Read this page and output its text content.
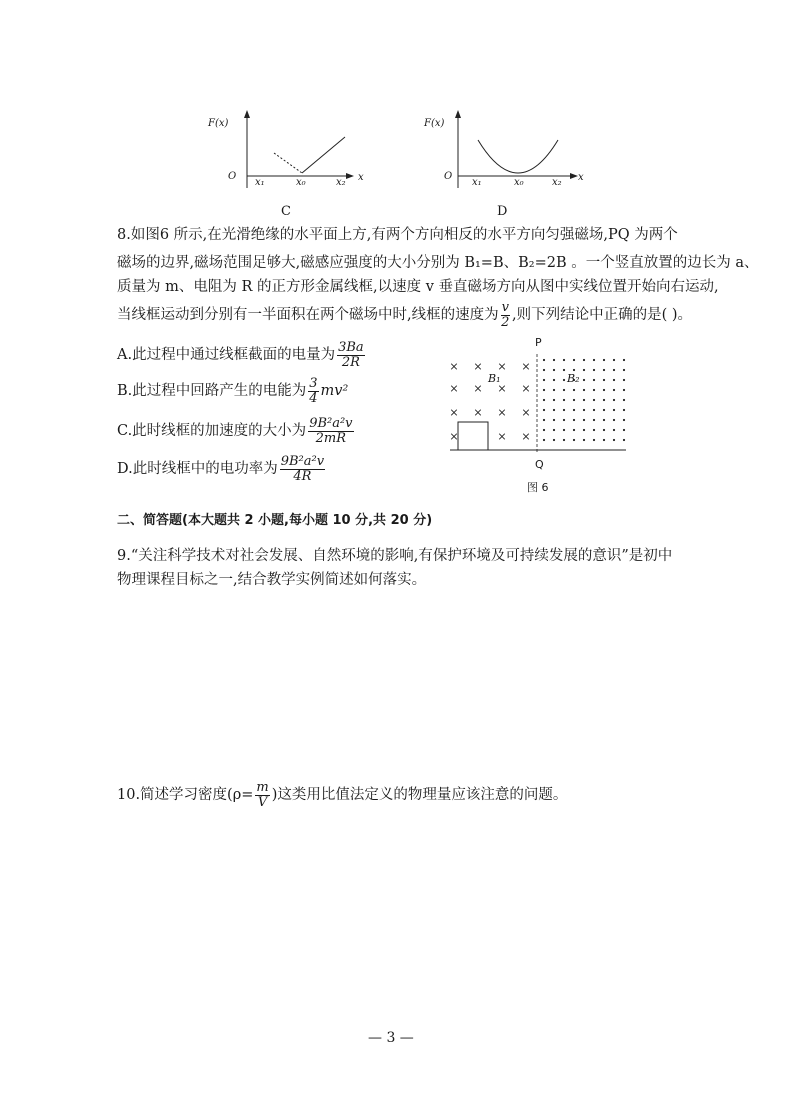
F(x)
O
x₁	x₀	x₂ x
C
F(x)
O
x₁	x₀	x₂ x
D
8.如图6 所示,在光滑绝缘的水平面上方,有两个方向相反的水平方向匀强磁场,PQ 为两个
磁场的边界,磁场范围足够大,磁感应强度的大小分别为 B₁=B、B₂=2B 。一个竖直放置的边长为 a、
质量为 m、电阻为 R 的正方形金属线框,以速度 v 垂直磁场方向从图中实线位置开始向右运动,
当线框运动到分别有一半面积在两个磁场中时,线框的速度为 $\frac{v}{2}$ ,则下列结论中正确的是( )。
A.此过程中通过线框截面的电量为 $\frac{3Ba}{2R}$
B.此过程中回路产生的电能为 $\frac{3}{4} mv^2$
C.此时线框的加速度的大小为 $\frac{\text{9B²a²v}}{2mR}$
D.此时线框中的电功率为 $\frac{\text{9B²a²v}}{4R}$
× × × ×
× × × ×
× × × ×
×	× ×
P
B₁	B₂
Q
图 6
二、简答题(本大题共 2 小题,每小题 10 分,共 20 分)
9.“关注科学技术对社会发展、自然环境的影响,有保护环境及可持续发展的意识”是初中
物理课程目标之一,结合教学实例简述如何落实。
10.简述学习密度($\rho= \frac{m}{V}$ )这类用比值法定义的物理量应该注意的问题。
— 3 —
